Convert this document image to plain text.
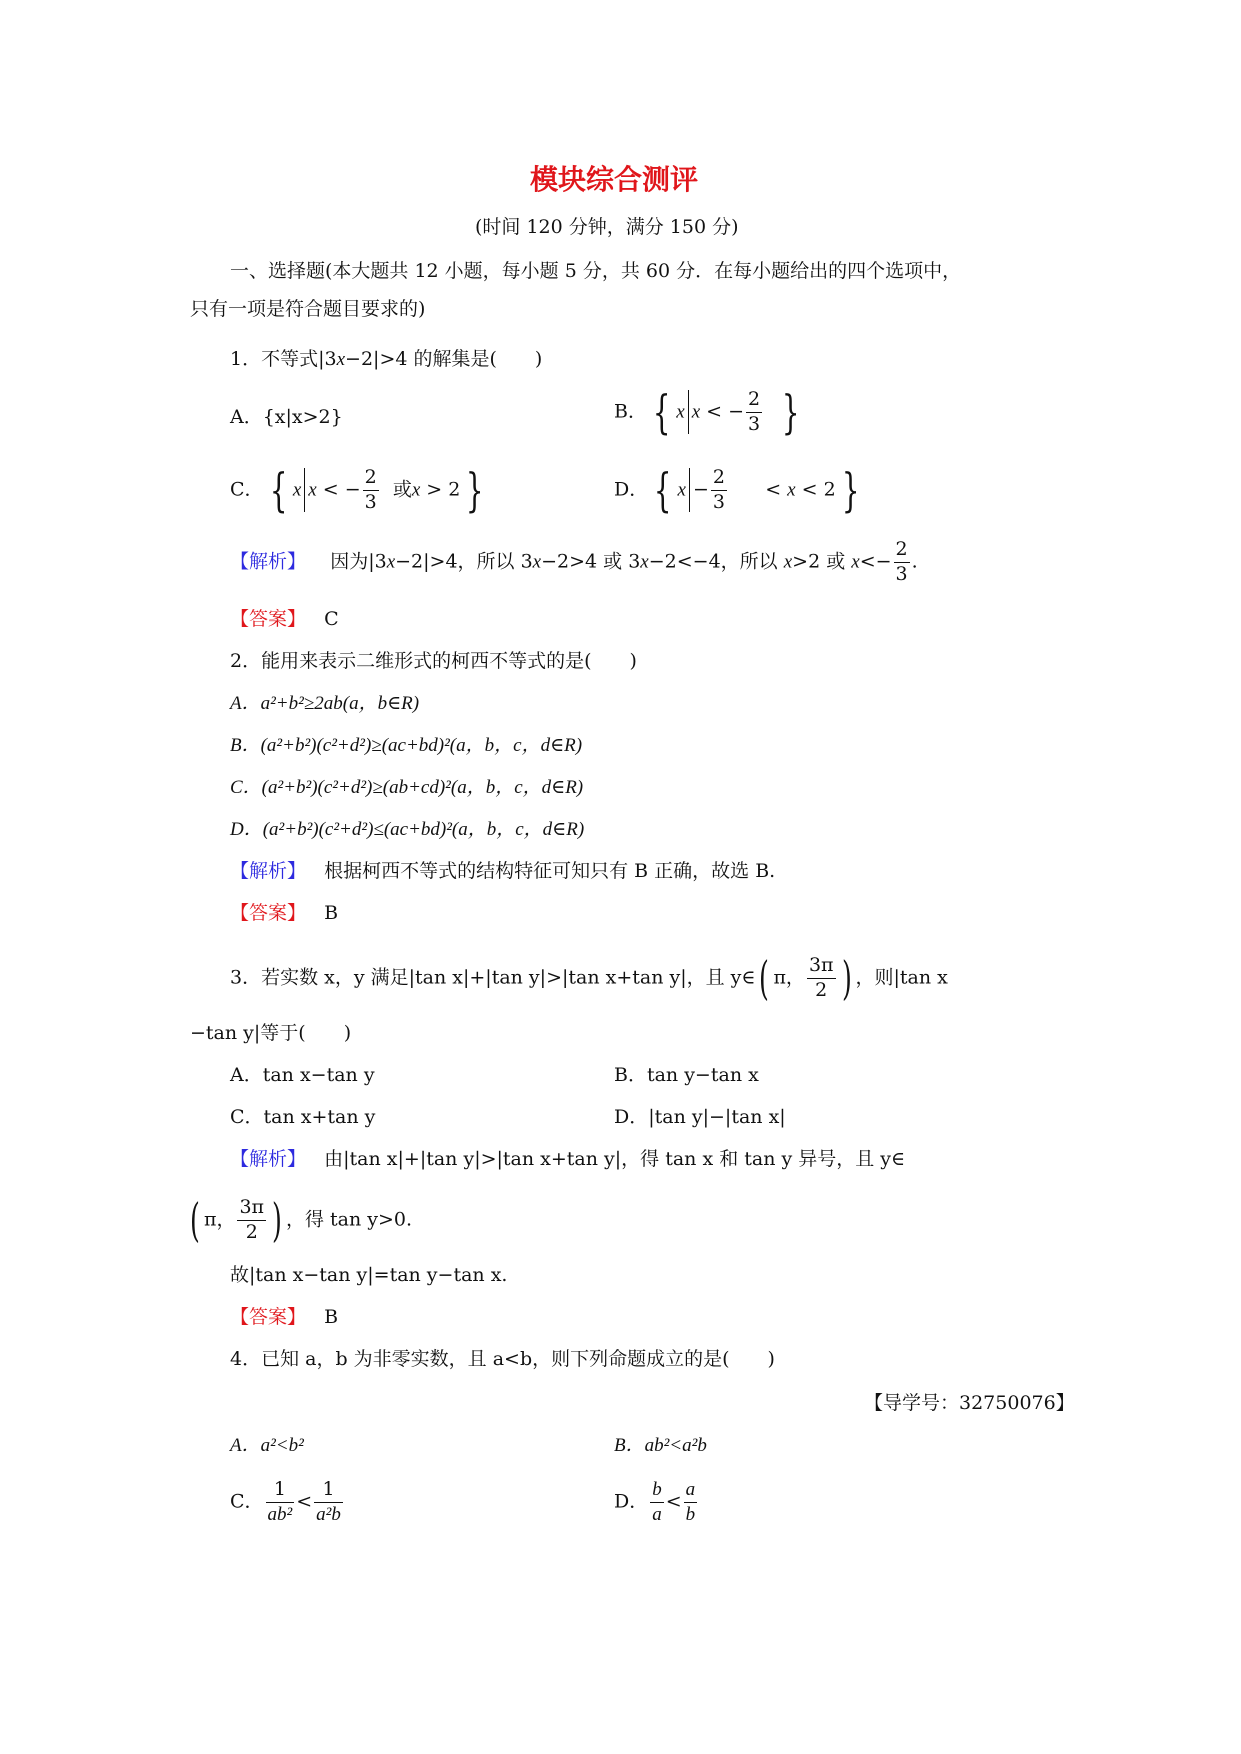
模块综合测评
(时间 120 分钟，满分 150 分)
一、选择题(本大题共 12 小题，每小题 5 分，共 60 分．在每小题给出的四个选项中，
只有一项是符合题目要求的)
1．不等式|3x−2|>4 的解集是(　　)
A．{x|x>2}	B． { x x < − $\frac{2}{3}$ }
C． { x x < − $\frac{2}{3}$ 或x > 2 }	D． { $x - \frac{2}{3} < x < 2$ }
【解析】 因为|3x−2|>4，所以 3x−2>4 或 3x−2<−4，所以 x>2 或 $x<- \frac{2}{3}$ .
【答案】 C
2．能用来表示二维形式的柯西不等式的是(　　)
A．a²+b²≥2ab(a，b∈R)
B．(a²+b²)(c²+d²)≥(ac+bd)²(a，b，c，d∈R)
C．(a²+b²)(c²+d²)≥(ab+cd)²(a，b，c，d∈R)
D．(a²+b²)(c²+d²)≤(ac+bd)²(a，b，c，d∈R)
【解析】 根据柯西不等式的结构特征可知只有 B 正确，故选 B.
【答案】 B
3．若实数 x，y 满足|tan x|+|tan y|>|tan x+tan y|，且 y∈( π， $\frac{3\pi}{2}$ ) ，则|tan x
−tan y|等于(　　)
A．tan x−tan y	B．tan y−tan x
C．tan x+tan y	D．|tan y|−|tan x|
【解析】 由|tan x|+|tan y|>|tan x+tan y|，得 tan x 和 tan y 异号，且 y∈
( π， $\frac{3\pi}{2}$ ) ，得 tan y>0.
故|tan x−tan y|=tan y−tan x.
【答案】 B
4．已知 a，b 为非零实数，且 a<b，则下列命题成立的是(　　)
【导学号：32750076】
A．a²<b²	B．ab²<a²b
C． $\frac{1}{\text{ab²}} < \frac{1}{\text{a²b}}$	D． $\frac{b}{a} < \frac{a}{b}$
